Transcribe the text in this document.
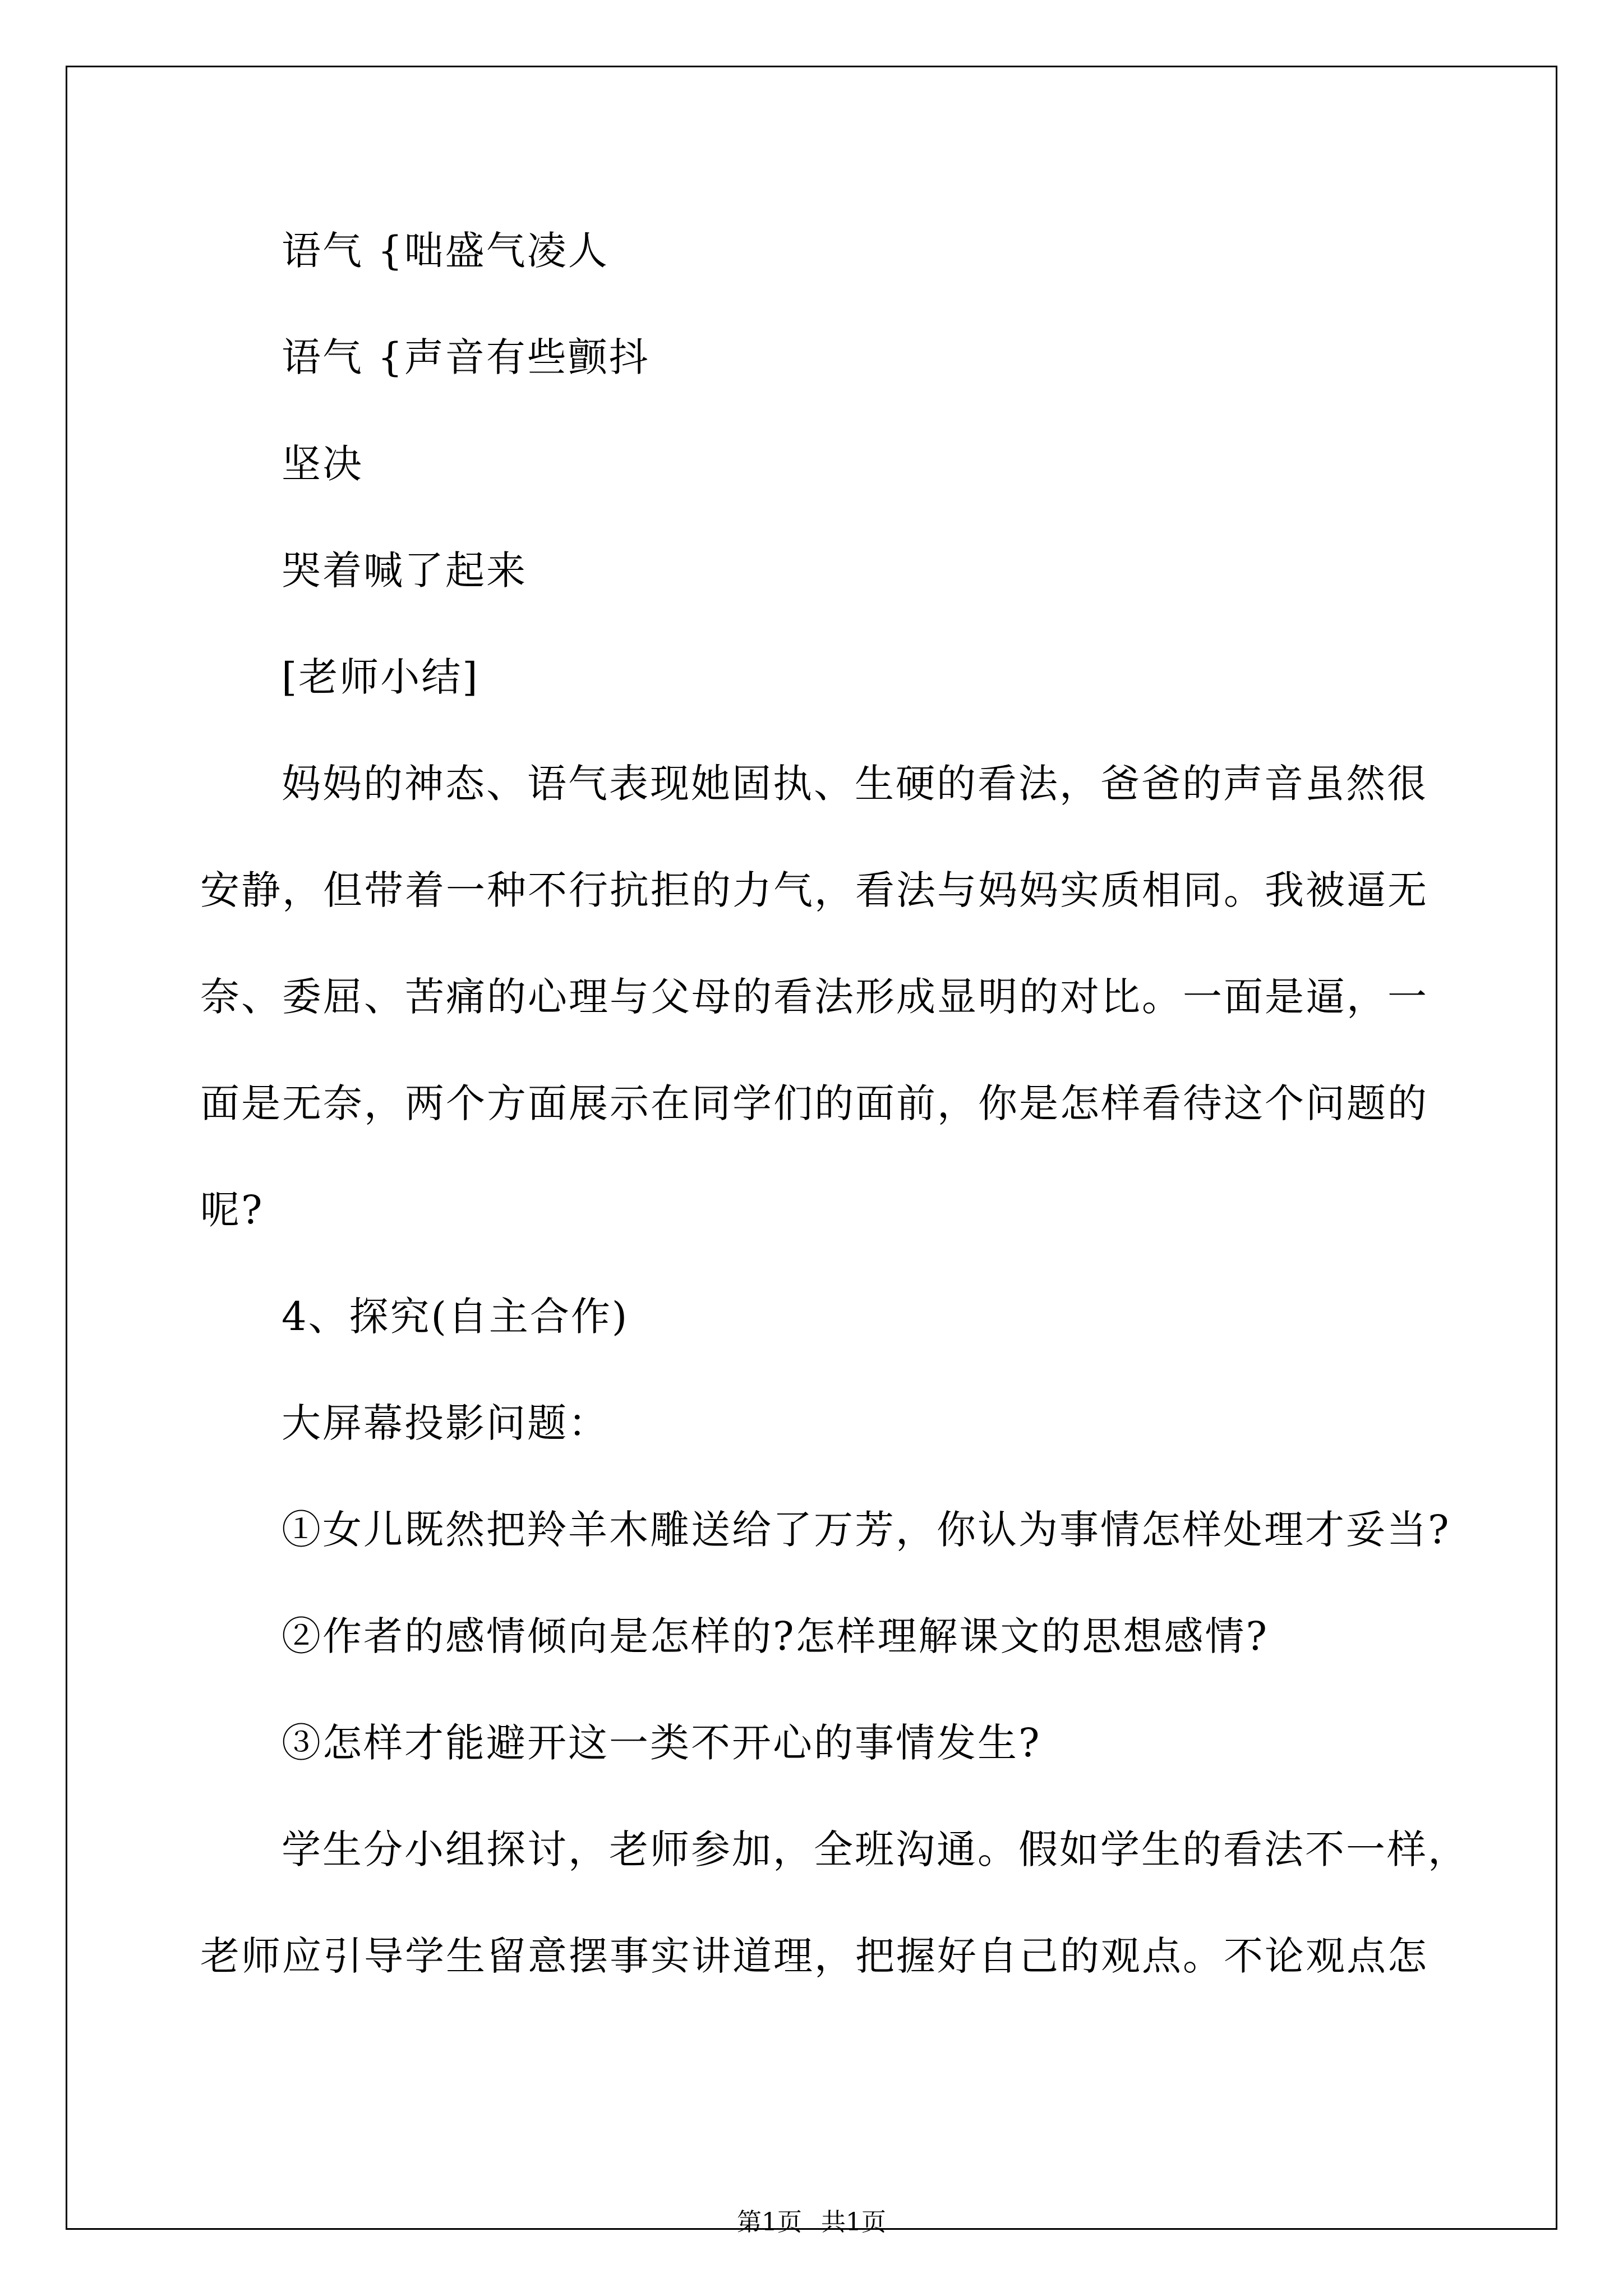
语气 {咄盛气凌人
语气 {声音有些颤抖
坚决
哭着喊了起来
[老师小结]
妈妈的神态、语气表现她固执、生硬的看法，爸爸的声音虽然很
安静，但带着一种不行抗拒的力气，看法与妈妈实质相同。我被逼无
奈、委屈、苦痛的心理与父母的看法形成显明的对比。一面是逼，一
面是无奈，两个方面展示在同学们的面前，你是怎样看待这个问题的
呢?
4、探究(自主合作)
大屏幕投影问题：
①女儿既然把羚羊木雕送给了万芳，你认为事情怎样处理才妥当?
②作者的感情倾向是怎样的?怎样理解课文的思想感情?
③怎样才能避开这一类不开心的事情发生?
学生分小组探讨，老师参加，全班沟通。假如学生的看法不一样，
老师应引导学生留意摆事实讲道理，把握好自己的观点。不论观点怎
第1页 共1页
